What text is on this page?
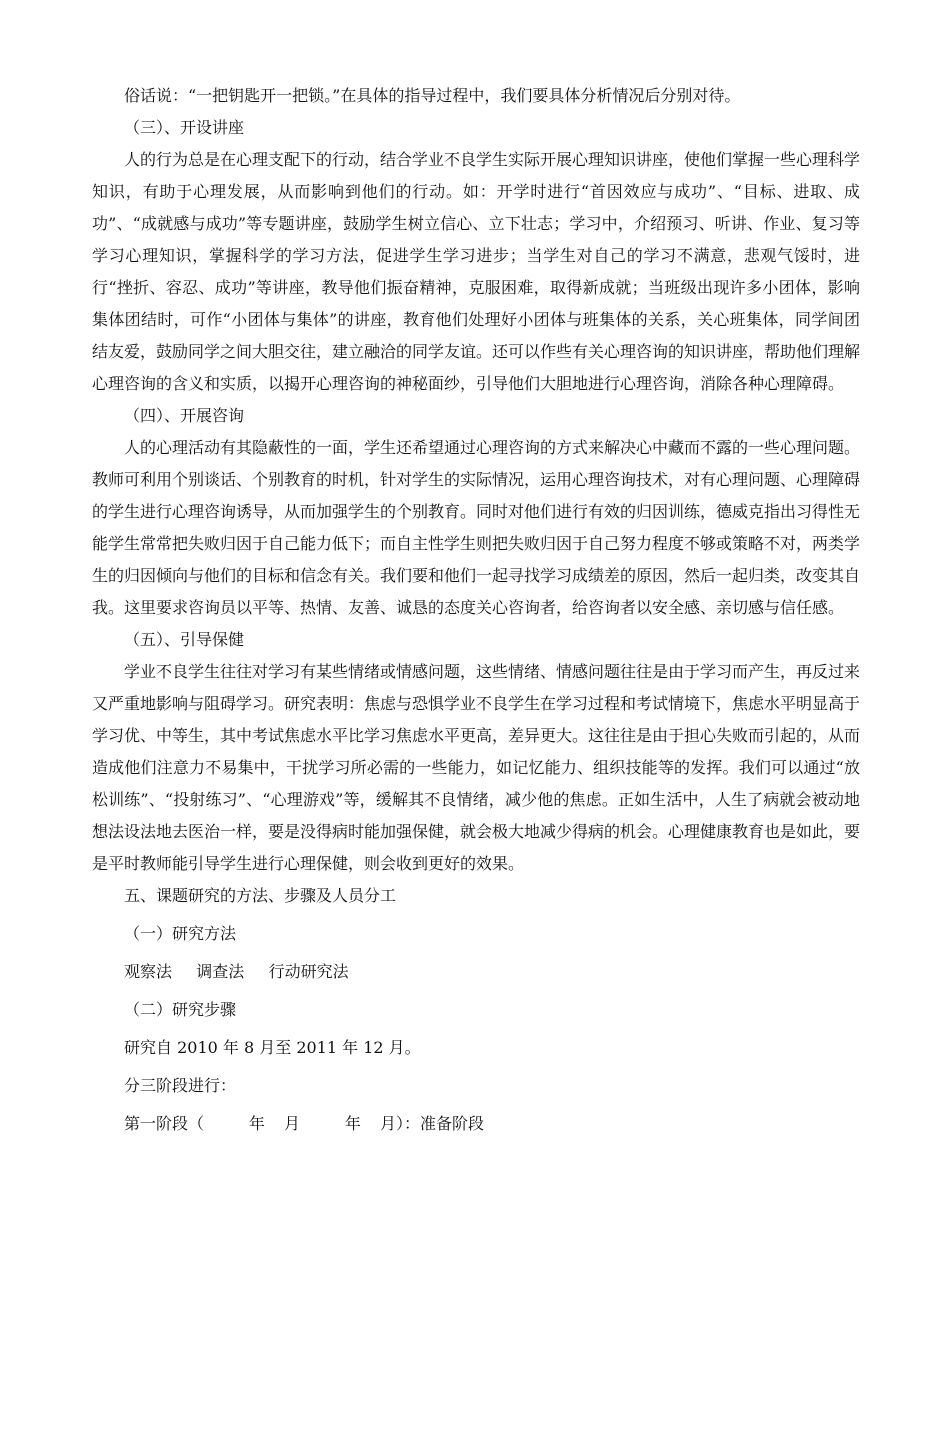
俗话说：“一把钥匙开一把锁。”在具体的指导过程中，我们要具体分析情况后分别对待。

（三）、开设讲座

人的行为总是在心理支配下的行动，结合学业不良学生实际开展心理知识讲座，使他们掌握一些心理科学知识，有助于心理发展，从而影响到他们的行动。如：开学时进行“首因效应与成功”、“目标、进取、成功”、“成就感与成功”等专题讲座，鼓励学生树立信心、立下壮志；学习中，介绍预习、听讲、作业、复习等学习心理知识，掌握科学的学习方法，促进学生学习进步；当学生对自己的学习不满意，悲观气馁时，进行“挫折、容忍、成功”等讲座，教导他们振奋精神，克服困难，取得新成就；当班级出现许多小团体，影响集体团结时，可作“小团体与集体”的讲座，教育他们处理好小团体与班集体的关系，关心班集体，同学间团结友爱，鼓励同学之间大胆交往，建立融洽的同学友谊。还可以作些有关心理咨询的知识讲座，帮助他们理解心理咨询的含义和实质，以揭开心理咨询的神秘面纱，引导他们大胆地进行心理咨询，消除各种心理障碍。

（四）、开展咨询

人的心理活动有其隐蔽性的一面，学生还希望通过心理咨询的方式来解决心中藏而不露的一些心理问题。教师可利用个别谈话、个别教育的时机，针对学生的实际情况，运用心理咨询技术，对有心理问题、心理障碍的学生进行心理咨询诱导，从而加强学生的个别教育。同时对他们进行有效的归因训练，德威克指出习得性无能学生常常把失败归因于自己能力低下；而自主性学生则把失败归因于自己努力程度不够或策略不对，两类学生的归因倾向与他们的目标和信念有关。我们要和他们一起寻找学习成绩差的原因，然后一起归类，改变其自我。这里要求咨询员以平等、热情、友善、诚恳的态度关心咨询者，给咨询者以安全感、亲切感与信任感。

（五）、引导保健

学业不良学生往往对学习有某些情绪或情感问题，这些情绪、情感问题往往是由于学习而产生，再反过来又严重地影响与阻碍学习。研究表明：焦虑与恐惧学业不良学生在学习过程和考试情境下，焦虑水平明显高于学习优、中等生，其中考试焦虑水平比学习焦虑水平更高，差异更大。这往往是由于担心失败而引起的，从而造成他们注意力不易集中，干扰学习所必需的一些能力，如记忆能力、组织技能等的发挥。我们可以通过“放松训练”、“投射练习”、“心理游戏”等，缓解其不良情绪，减少他的焦虑。正如生活中，人生了病就会被动地想法设法地去医治一样，要是没得病时能加强保健，就会极大地减少得病的机会。心理健康教育也是如此，要是平时教师能引导学生进行心理保健，则会收到更好的效果。

五、课题研究的方法、步骤及人员分工

（一）研究方法

观察法 调查法 行动研究法

（二）研究步骤

研究自 2010 年 8 月至 2011 年 12 月。

分三阶段进行：

第一阶段（	年 月	年 月）：准备阶段
